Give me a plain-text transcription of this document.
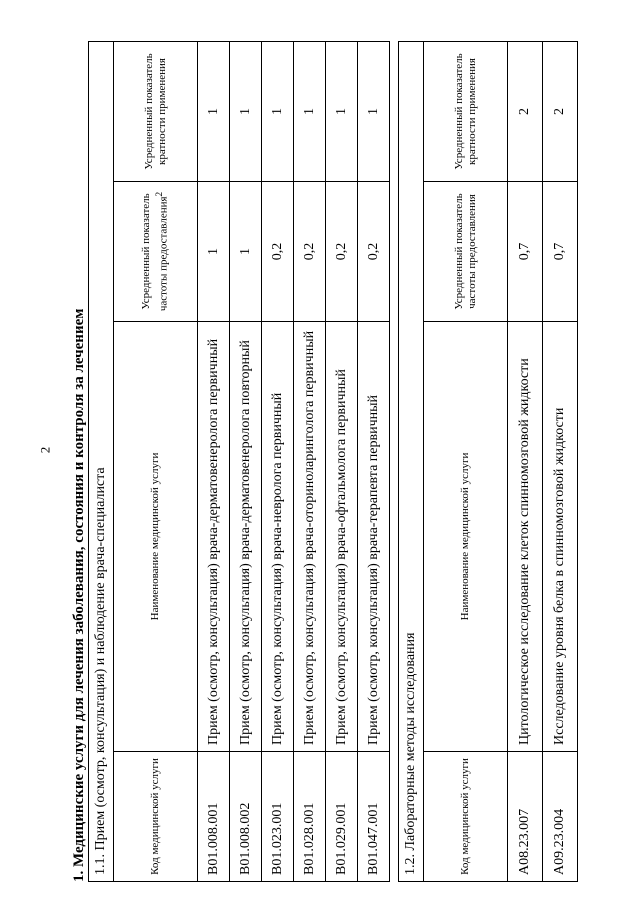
2 1. Медицинские услуги для лечения заболевания, состояния и контроля за лечением 1.1. Прием (осмотр, консультация) и наблюдение врача-специалиста			
Код медицинской услуги	Наименование медицинской услуги	Усредненный показатель частоты предоставления$^2$	Усредненный показатель кратности применения
B01.008.001	Прием (осмотр, консультация) врача-дерматовенеролога первичный	1	1
B01.008.002	Прием (осмотр, консультация) врача-дерматовенеролога повторный	1	1
B01.023.001	Прием (осмотр, консультация) врача-невролога первичный	0,2	1
B01.028.001	Прием (осмотр, консультация) врача-оториноларинголога первичный	0,2	1
B01.029.001	Прием (осмотр, консультация) врача-офтальмолога первичный	0,2	1
B01.047.001	Прием (осмотр, консультация) врача-терапевта первичный	0,2	1
1.2. Лабораторные методы исследования			
Код медицинской услуги	Наименование медицинской услуги	Усредненный показатель частоты предоставления	Усредненный показатель кратности применения
A08.23.007	Цитологическое исследование клеток спинномозговой жидкости	0,7	2
A09.23.004	Исследование уровня белка в спинномозговой жидкости	0,7	2
